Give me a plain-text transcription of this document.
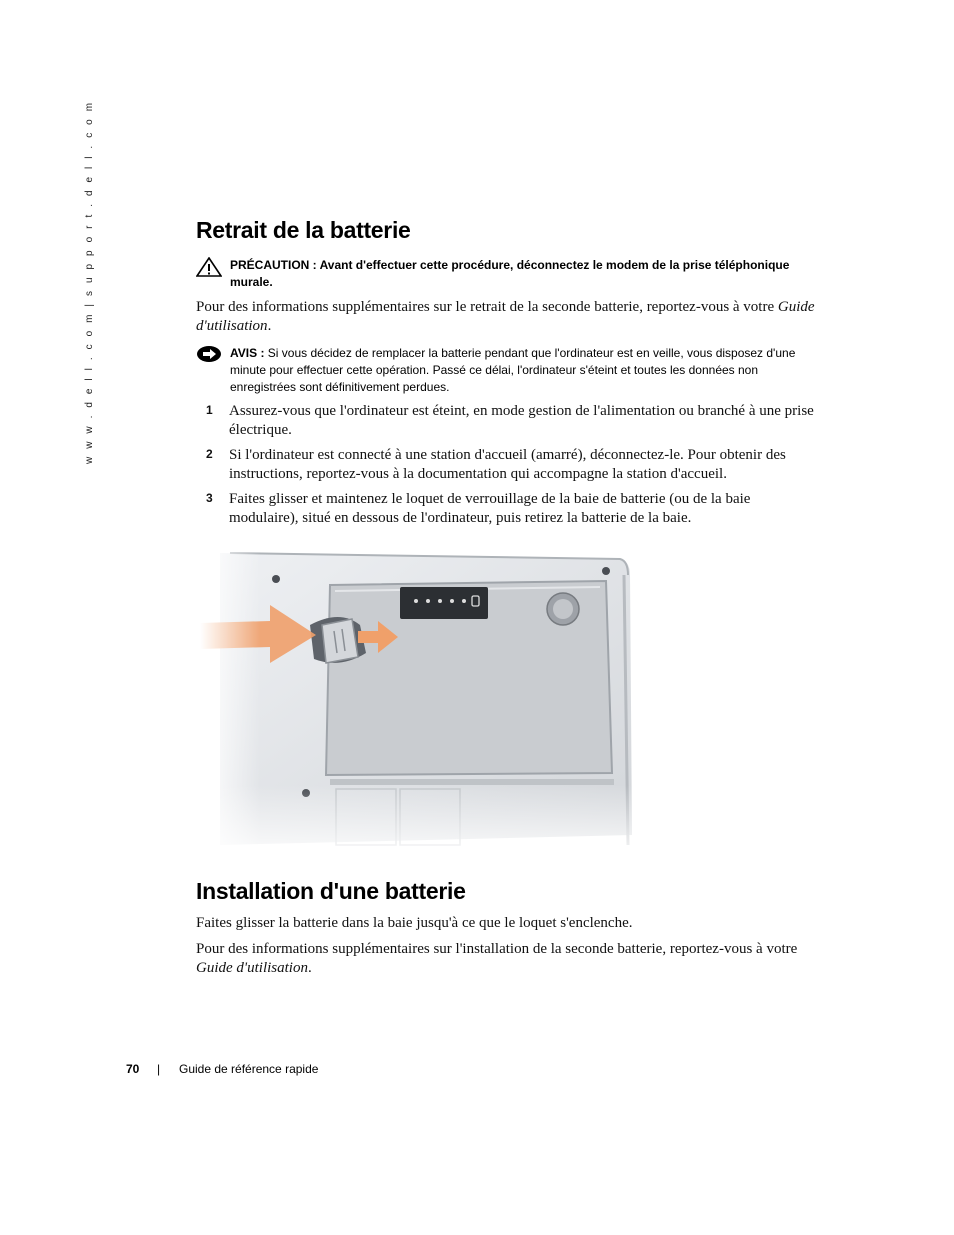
w w w . d e l l . c o m | s u p p o r t . d e l l . c o m	Retrait de la batterie
PRÉCAUTION : Avant d'effectuer cette procédure, déconnectez le modem de la prise téléphonique murale.

Pour des informations supplémentaires sur le retrait de la seconde batterie, reportez-vous à votre Guide d'utilisation.

AVIS : Si vous décidez de remplacer la batterie pendant que l'ordinateur est en veille, vous disposez d'une minute pour effectuer cette opération. Passé ce délai, l'ordinateur s'éteint et toutes les données non enregistrées sont définitivement perdues.
1 Assurez-vous que l'ordinateur est éteint, en mode gestion de l'alimentation ou branché à une prise électrique.
2 Si l'ordinateur est connecté à une station d'accueil (amarré), déconnectez-le. Pour obtenir des instructions, reportez-vous à la documentation qui accompagne la station d'accueil.
3 Faites glisser et maintenez le loquet de verrouillage de la baie de batterie (ou de la baie modulaire), situé en dessous de l'ordinateur, puis retirez la batterie de la baie.
Installation d'une batterie

Faites glisser la batterie dans la baie jusqu'à ce que le loquet s'enclenche.

Pour des informations supplémentaires sur l'installation de la seconde batterie, reportez-vous à votre Guide d'utilisation.

70 | Guide de référence rapide
